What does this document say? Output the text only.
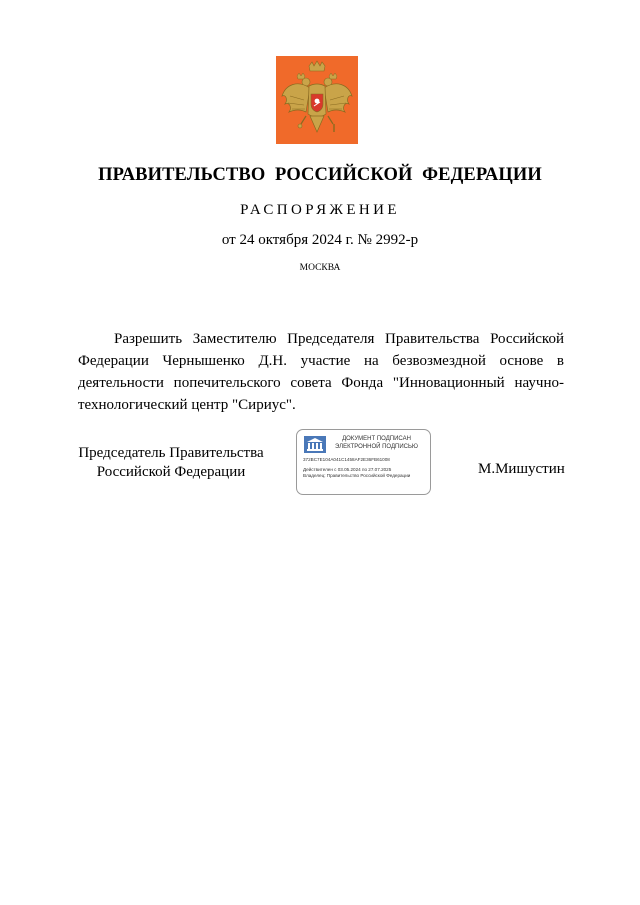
ПРАВИТЕЛЬСТВО РОССИЙСКОЙ ФЕДЕРАЦИИ
РАСПОРЯЖЕНИЕ
от 24 октября 2024 г. № 2992-р
МОСКВА
Разрешить Заместителю Председателя Правительства Российской Федерации Чернышенко Д.Н. участие на безвозмездной основе в деятельности попечительского совета Фонда "Инновационный научно-технологический центр "Сириус".
Председатель Правительства
Российской Федерации
ДОКУМЕНТ ПОДПИСАН
ЭЛЕКТРОННОЙ ПОДПИСЬЮ
372BC7E104A041C1458AF2E36FB61008
Действителен с 03.05.2024 по 27.07.2025
Владелец: Правительство Российской Федерации	М.Мишустин
